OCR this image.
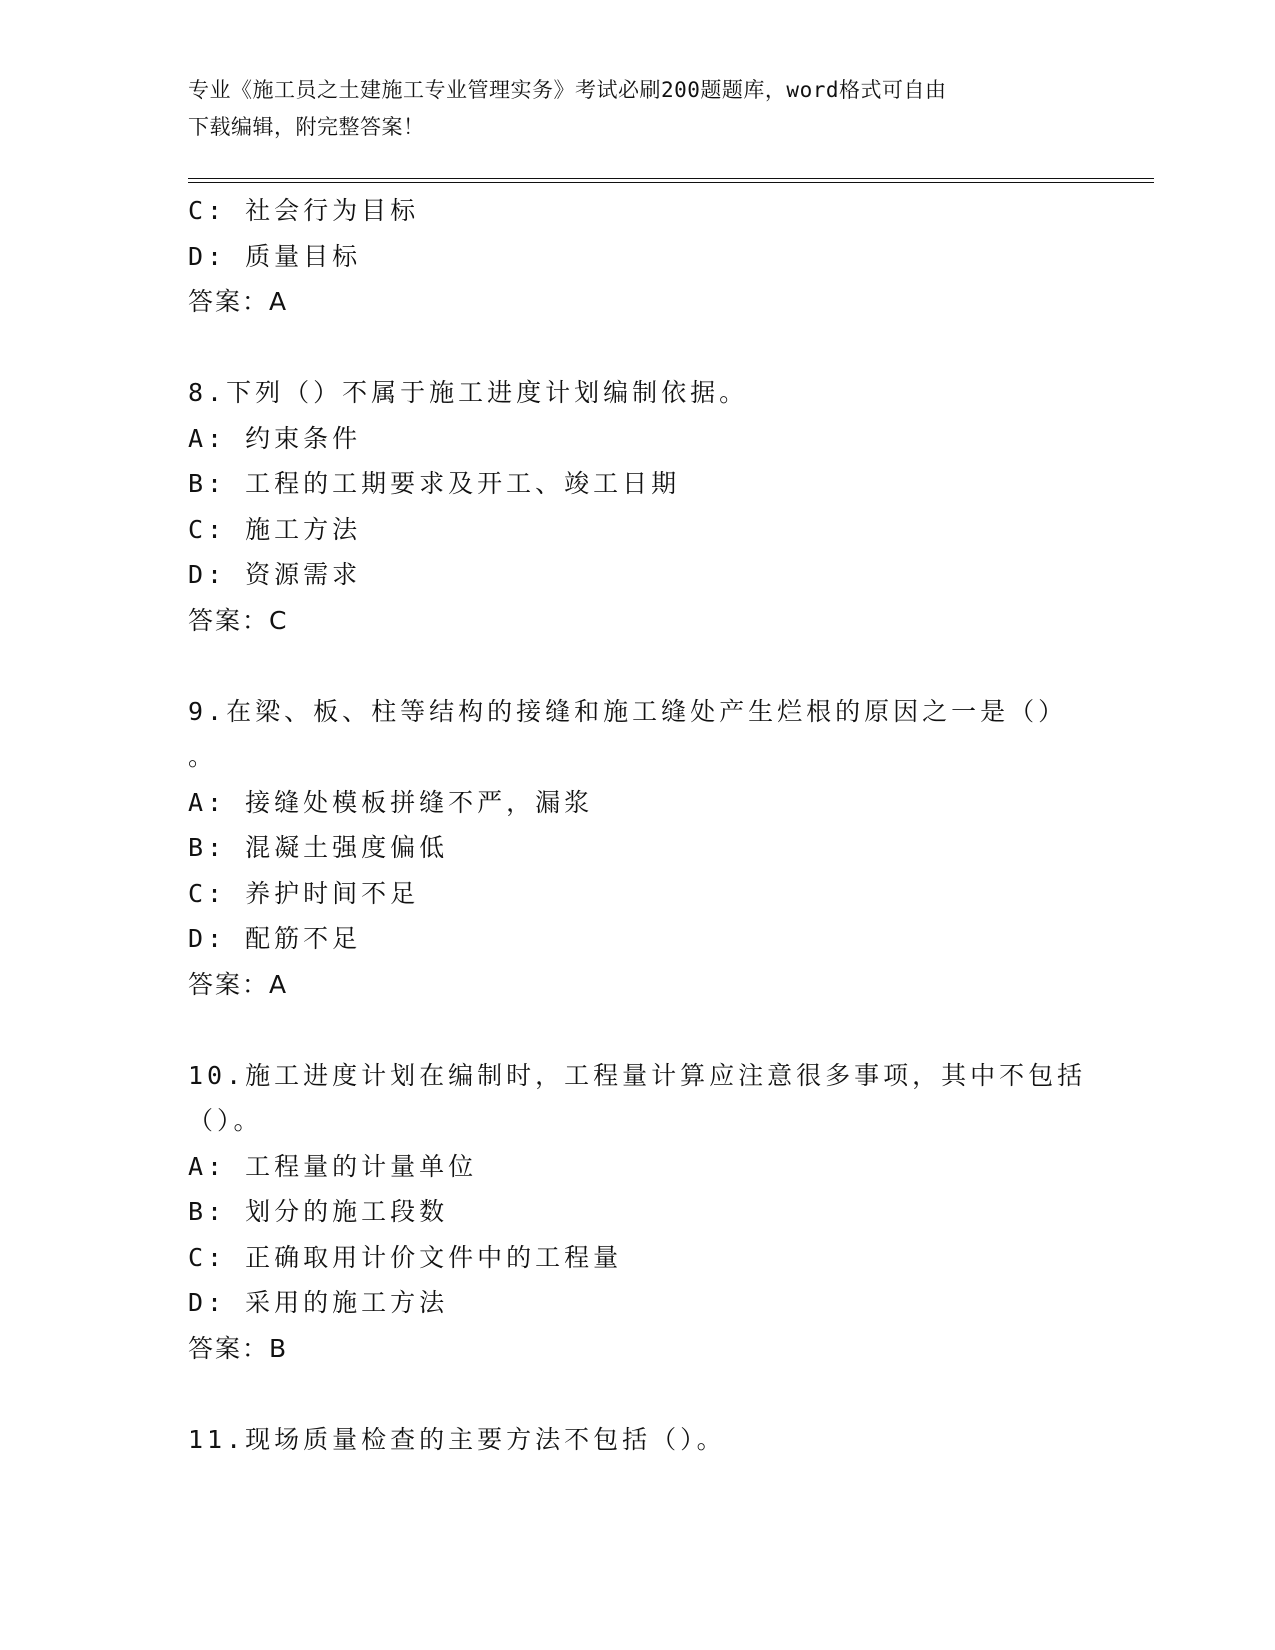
专业《施工员之土建施工专业管理实务》考试必刷200题题库，word格式可自由
下载编辑，附完整答案！
C: 社会行为目标
D: 质量目标
答案：A
8.下列（）不属于施工进度计划编制依据。
A: 约束条件
B: 工程的工期要求及开工、竣工日期
C: 施工方法
D: 资源需求
答案：C
9.在梁、板、柱等结构的接缝和施工缝处产生烂根的原因之一是（）
。
A: 接缝处模板拼缝不严，漏浆
B: 混凝土强度偏低
C: 养护时间不足
D: 配筋不足
答案：A
10.施工进度计划在编制时，工程量计算应注意很多事项，其中不包括
（）。
A: 工程量的计量单位
B: 划分的施工段数
C: 正确取用计价文件中的工程量
D: 采用的施工方法
答案：B
11.现场质量检查的主要方法不包括（）。
